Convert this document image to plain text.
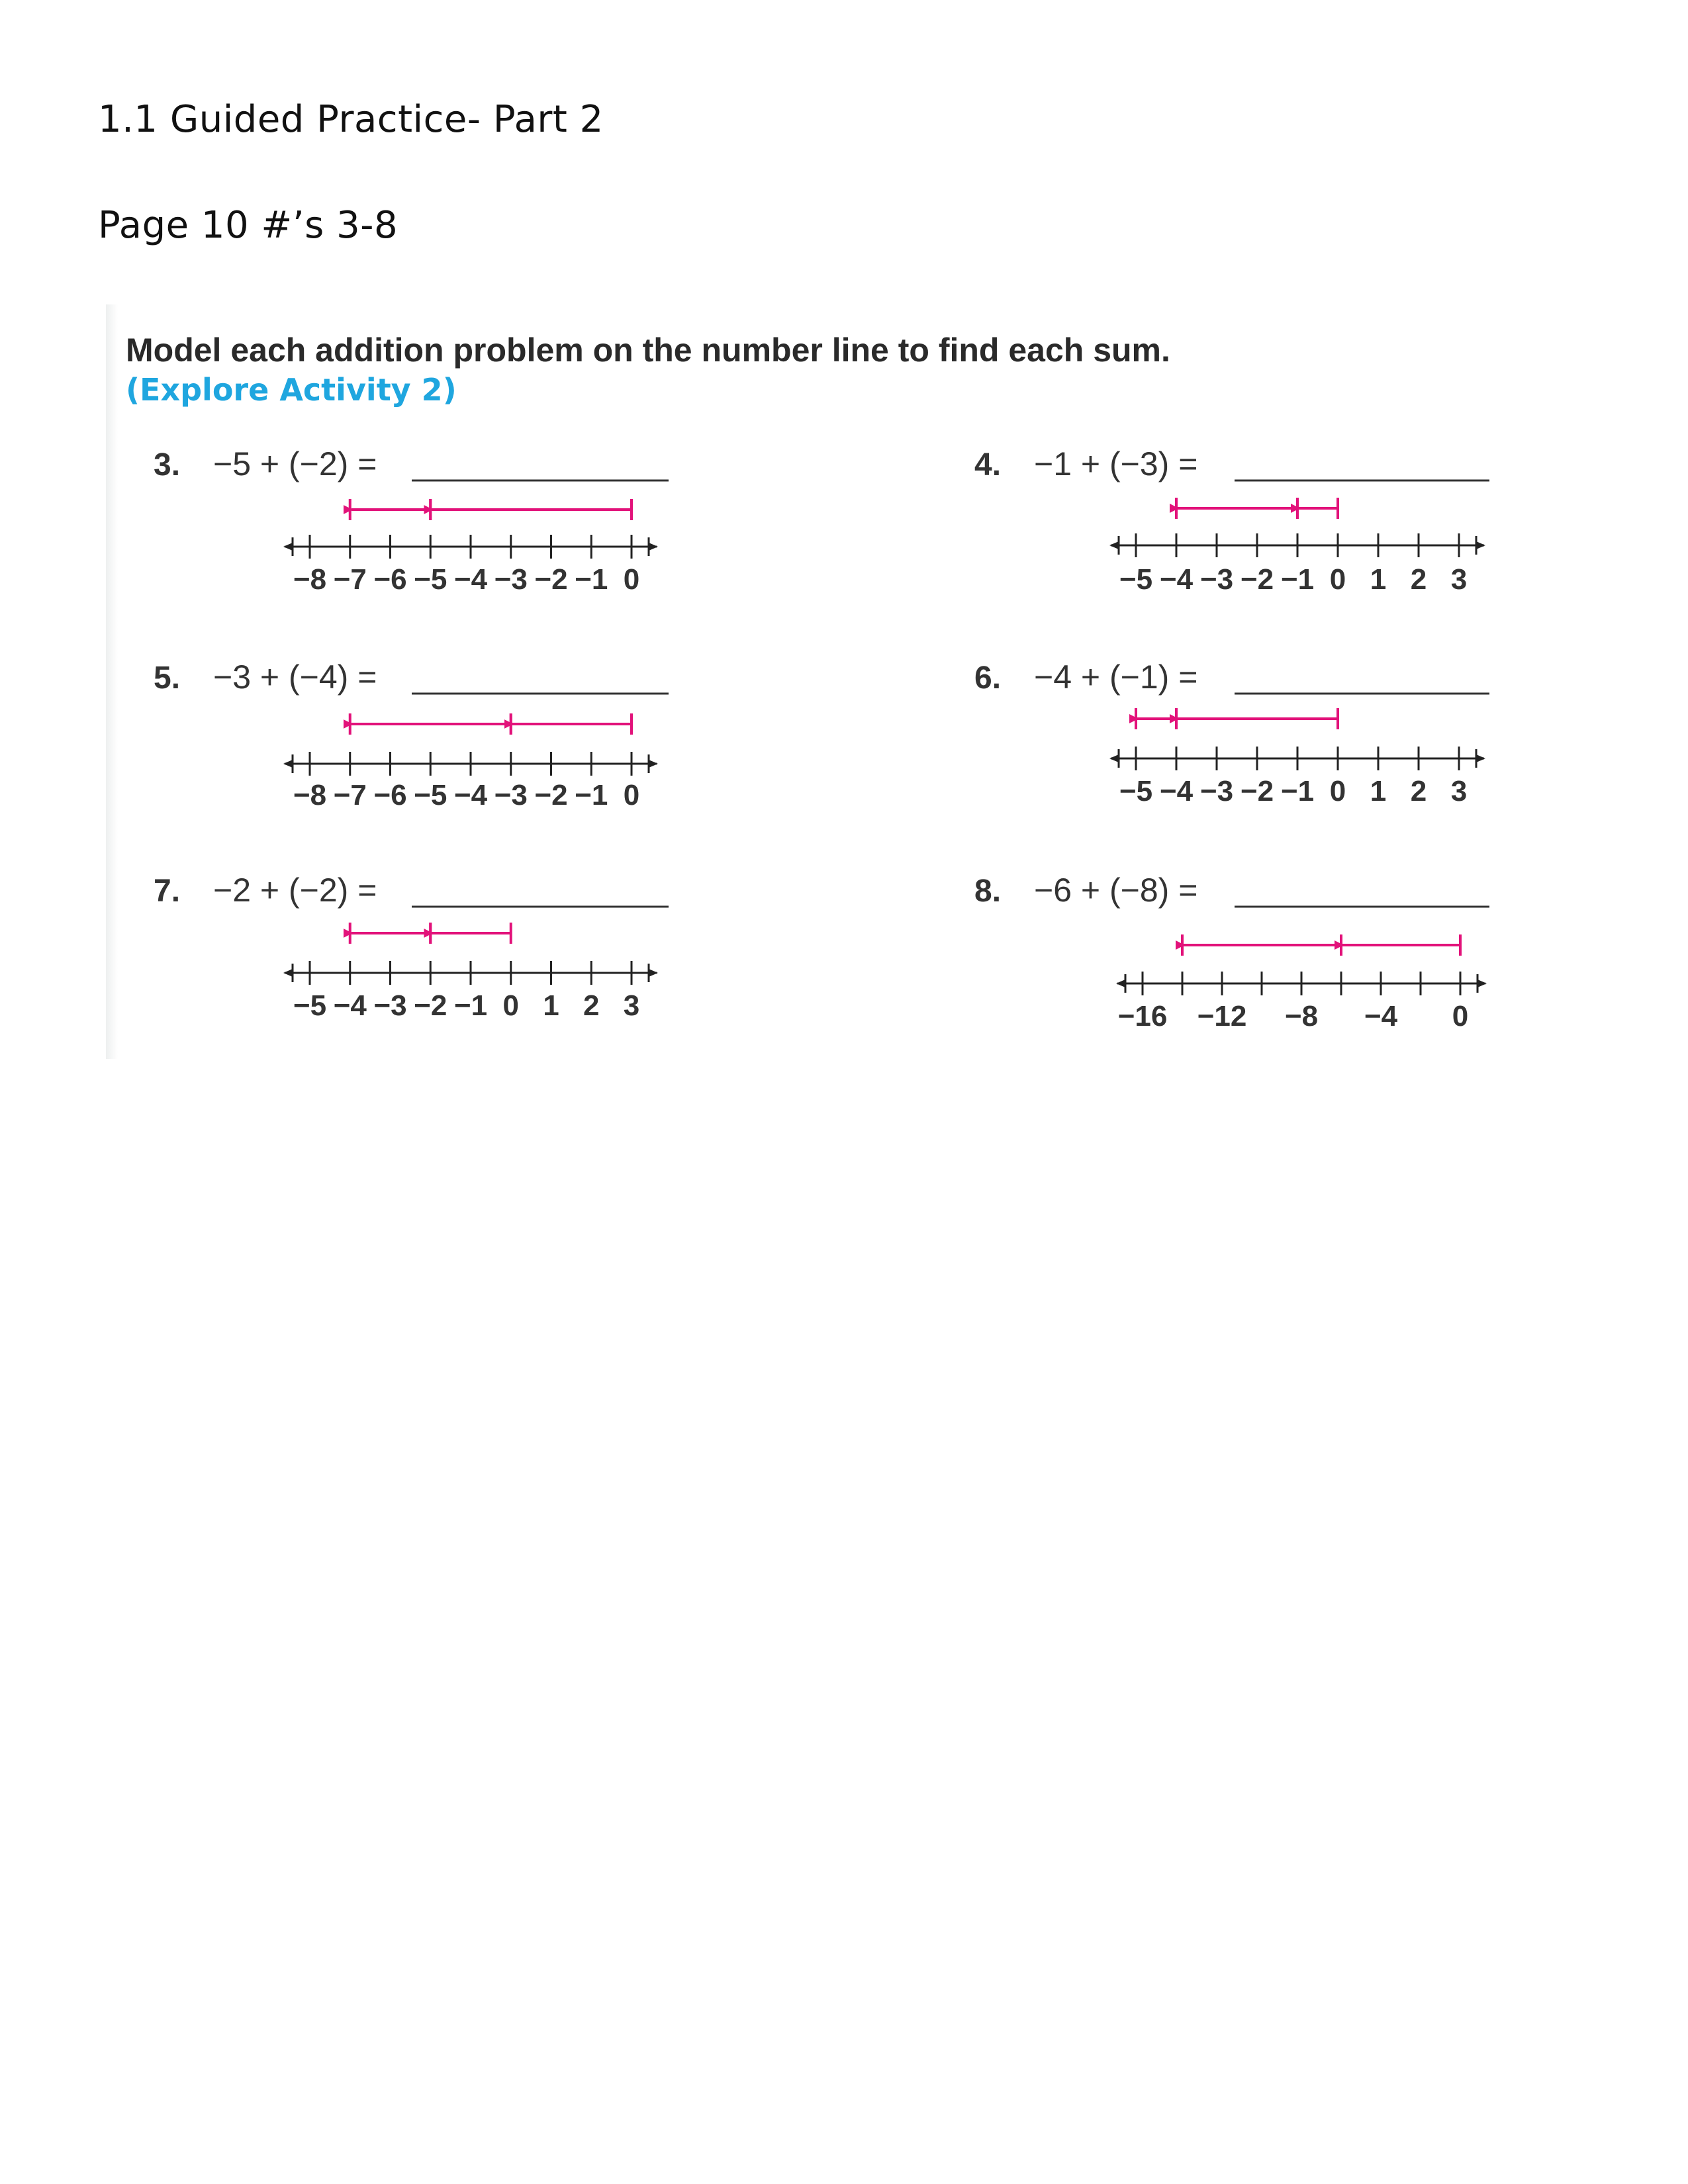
1.1 Guided Practice- Part 2
Page 10 #’s 3-8
Model each addition problem on the number line to find each sum.
(Explore Activity 2)
3. −5 + (−2) =
−8 −7 −6 −5 −4 −3 −2 −1 0
4. −1 + (−3) =
−5 −4 −3 −2 −1 0 1 2 3
5. −3 + (−4) =
−8 −7 −6 −5 −4 −3 −2 −1 0
6. −4 + (−1) =
−5 −4 −3 −2 −1 0 1 2 3
7. −2 + (−2) =
−5 −4 −3 −2 −1 0 1 2 3
8. −6 + (−8) =
−16 −12 −8 −4 0
